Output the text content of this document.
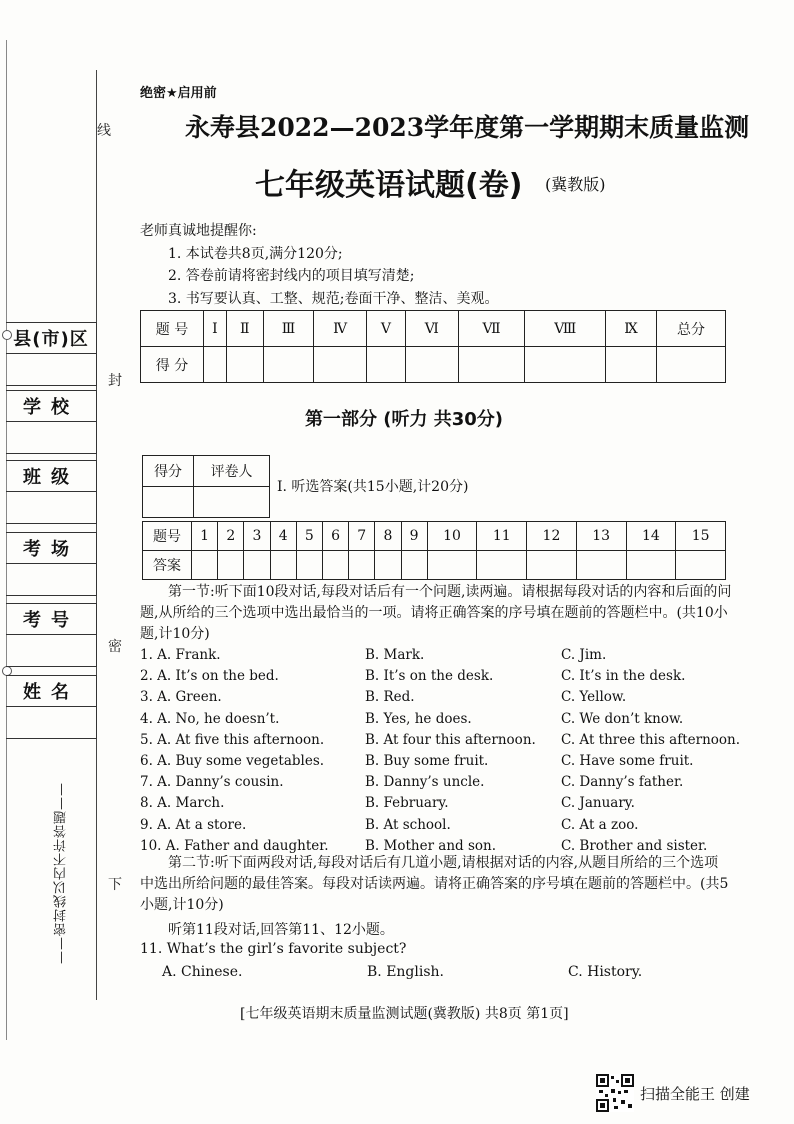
线
封
密
下
县(市)区
学校
班级
考场
考号
姓名
——密封线以内不许答题——
绝密★启用前
永寿县2022—2023学年度第一学期期末质量监测
七年级英语试题(卷) (冀教版)
老师真诚地提醒你:
1. 本试卷共8页,满分120分;
2. 答卷前请将密封线内的项目填写清楚;
3. 书写要认真、工整、规范;卷面干净、整洁、美观。
题 号	Ⅰ	Ⅱ	Ⅲ	Ⅳ	Ⅴ	Ⅵ	Ⅶ	Ⅷ	Ⅸ	总分
得 分										
第一部分 (听力 共30分)
得分	评卷人

Ⅰ. 听选答案(共15小题,计20分)
题号	1	2	3	4	5	6	7	8	9	10	11	12	13	14	15
答案															
第一节:听下面10段对话,每段对话后有一个问题,读两遍。请根据每段对话的内容和后面的问题,从所给的三个选项中选出最恰当的一项。请将正确答案的序号填在题前的答题栏中。(共10小题,计10分)
1. A. Frank.	B. Mark.	C. Jim.
2. A. It’s on the bed.	B. It’s on the desk.	C. It’s in the desk.
3. A. Green.	B. Red.	C. Yellow.
4. A. No, he doesn’t.	B. Yes, he does.	C. We don’t know.
5. A. At five this afternoon.	B. At four this afternoon. C. At three this afternoon.
6. A. Buy some vegetables.	B. Buy some fruit.	C. Have some fruit.
7. A. Danny’s cousin.	B. Danny’s uncle.	C. Danny’s father.
8. A. March.	B. February.	C. January.
9. A. At a store.	B. At school.	C. At a zoo.
10. A. Father and daughter.	B. Mother and son.	C. Brother and sister.
第二节:听下面两段对话,每段对话后有几道小题,请根据对话的内容,从题目所给的三个选项中选出所给问题的最佳答案。每段对话读两遍。请将正确答案的序号填在题前的答题栏中。(共5小题,计10分)
听第11段对话,回答第11、12小题。
11. What’s the girl’s favorite subject?
A. Chinese.	B. English.	C. History.
[七年级英语期末质量监测试题(冀教版) 共8页 第1页]
扫描全能王 创建
